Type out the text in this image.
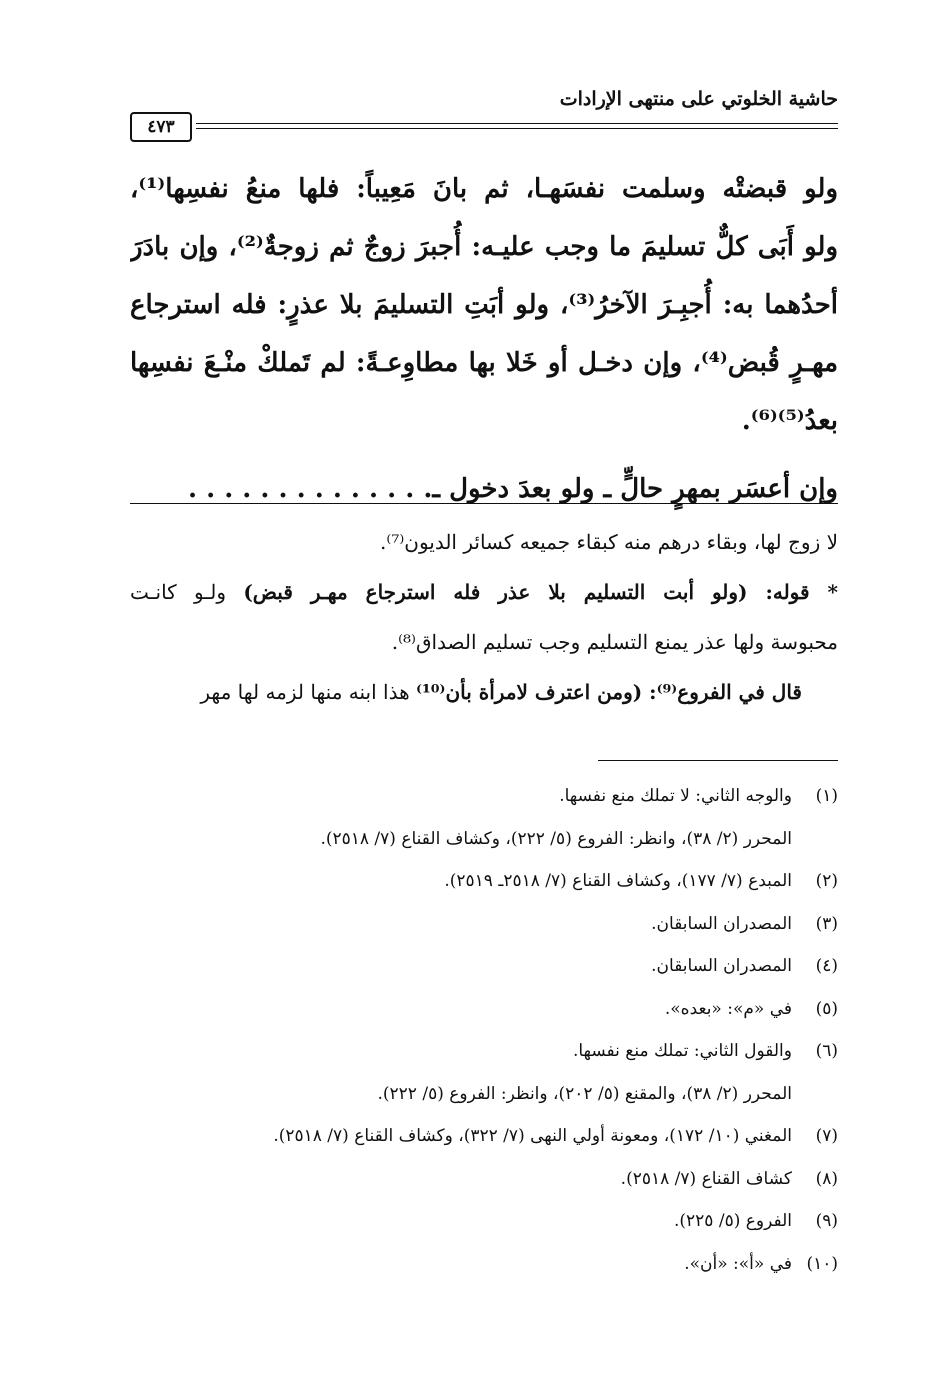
حاشية الخلوتي على منتهى الإرادات
٤٧٣
ولو قبضتْه وسلمت نفسَهـا، ثم بانَ مَعِيباً: فلها منعُ نفسِها⁽¹⁾،
ولو أَبَى كلٌّ تسليمَ ما وجب عليـه: أُجبرَ زوجٌ ثم زوجةٌ⁽²⁾، وإن بادَرَ
أحدُهما به: أُجبِـرَ الآخرُ⁽³⁾، ولو أبَتِ التسليمَ بلا عذرٍ: فله استرجاع
مهـرٍ قُبض⁽⁴⁾، وإن دخـل أو خَلا بها مطاوِعـةً: لم تَملكْ منْـعَ نفسِها
بعدُ⁽⁵⁾⁽⁶⁾.
وإن أعسَر بمهرٍ حالٍّ ـ ولو بعدَ دخول ـ. . . . . . . . . . . . . .
لا زوج لها، وبقاء درهم منه كبقاء جميعه كسائر الديون⁽⁷⁾.
* قوله: (ولو أبت التسليم بلا عذر فله استرجاع مهـر قبض) ولـو كانـت
محبوسة ولها عذر يمنع التسليم وجب تسليم الصداق⁽⁸⁾.
قال في الفروع⁽⁹⁾: (ومن اعترف لامرأة بأن⁽¹⁰⁾ هذا ابنه منها لزمه لها مهر
(١)والوجه الثاني: لا تملك منع نفسها.
المحرر (٢/ ٣٨)، وانظر: الفروع (٥/ ٢٢٢)، وكشاف القناع (٧/ ٢٥١٨).
(٢)المبدع (٧/ ١٧٧)، وكشاف القناع (٧/ ٢٥١٨ـ ٢٥١٩).
(٣)المصدران السابقان.
(٤)المصدران السابقان.
(٥)في «م»: «بعده».
(٦)والقول الثاني: تملك منع نفسها.
المحرر (٢/ ٣٨)، والمقنع (٥/ ٢٠٢)، وانظر: الفروع (٥/ ٢٢٢).
(٧)المغني (١٠/ ١٧٢)، ومعونة أولي النهى (٧/ ٣٢٢)، وكشاف القناع (٧/ ٢٥١٨).
(٨)كشاف القناع (٧/ ٢٥١٨).
(٩)الفروع (٥/ ٢٢٥).
(١٠)في «أ»: «أن».
